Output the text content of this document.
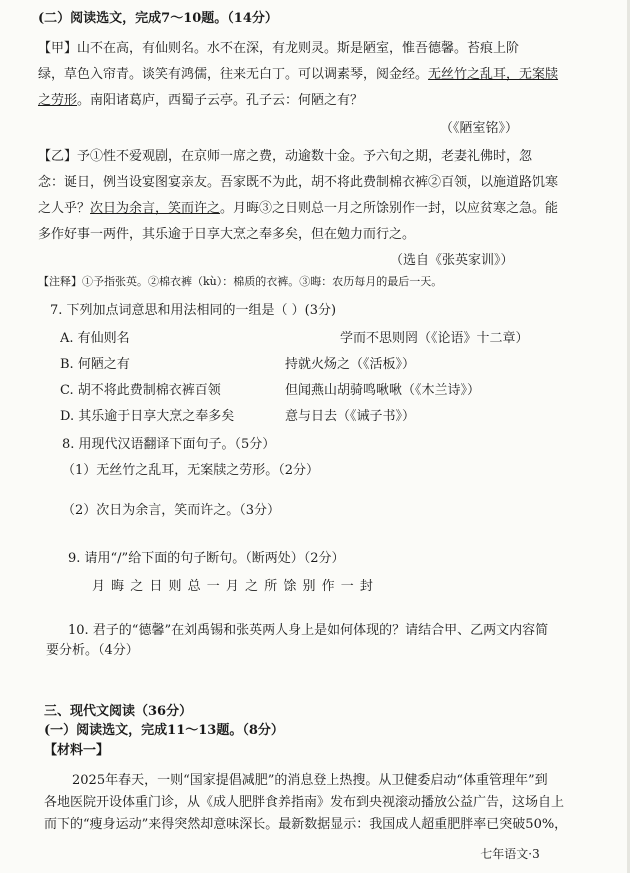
(二）阅读选文，完成7～10题。（14分）
【甲】山不在高，有仙则名。水不在深，有龙则灵。斯是陋室，惟吾德馨。苔痕上阶
绿，草色入帘青。谈笑有鸿儒，往来无白丁。可以调素琴，阅金经。无丝竹之乱耳，无案牍
之劳形。南阳诸葛庐，西蜀子云亭。孔子云：何陋之有？
（《陋室铭》）
【乙】予①性不爱观剧，在京师一席之费，动逾数十金。予六旬之期，老妻礼佛时，忽
念：诞日，例当设宴图宴亲友。吾家既不为此，胡不将此费制棉衣裤②百领，以施道路饥寒
之人乎？次日为余言，笑而许之。月晦③之日则总一月之所馀别作一封，以应贫寒之急。能
多作好事一两件，其乐逾于日享大烹之奉多矣，但在勉力而行之。
（选自《张英家训》）
【注释】①予指张英。②棉衣裤（kù）：棉质的衣裤。③晦：农历每月的最后一天。
7. 下列加点词意思和用法相同的一组是（ ）(3分)
A. 有仙则名	学而不思则罔（《论语》十二章）
B. 何陋之有	持就火炀之（《活板》）
C. 胡不将此费制棉衣裤百领	但闻燕山胡骑鸣啾啾（《木兰诗》）
D. 其乐逾于日享大烹之奉多矣	意与日去（《诫子书》）
8. 用现代汉语翻译下面句子。（5分）
（1）无丝竹之乱耳，无案牍之劳形。（2分）
（2）次日为余言，笑而许之。（3分）
9. 请用“/”给下面的句子断句。（断两处）（2分）
月 晦 之 日 则 总 一 月 之 所 馀 别 作 一 封
10. 君子的“德馨”在刘禹锡和张英两人身上是如何体现的？请结合甲、乙两文内容简
要分析。（4分）
三、现代文阅读（36分）
(一）阅读选文，完成11～13题。（8分）
【材料一】
2025年春天，一则“国家提倡减肥”的消息登上热搜。从卫健委启动“体重管理年”到
各地医院开设体重门诊，从《成人肥胖食养指南》发布到央视滚动播放公益广告，这场自上
而下的“瘦身运动”来得突然却意味深长。最新数据显示：我国成人超重肥胖率已突破50%，
七年语文·3
